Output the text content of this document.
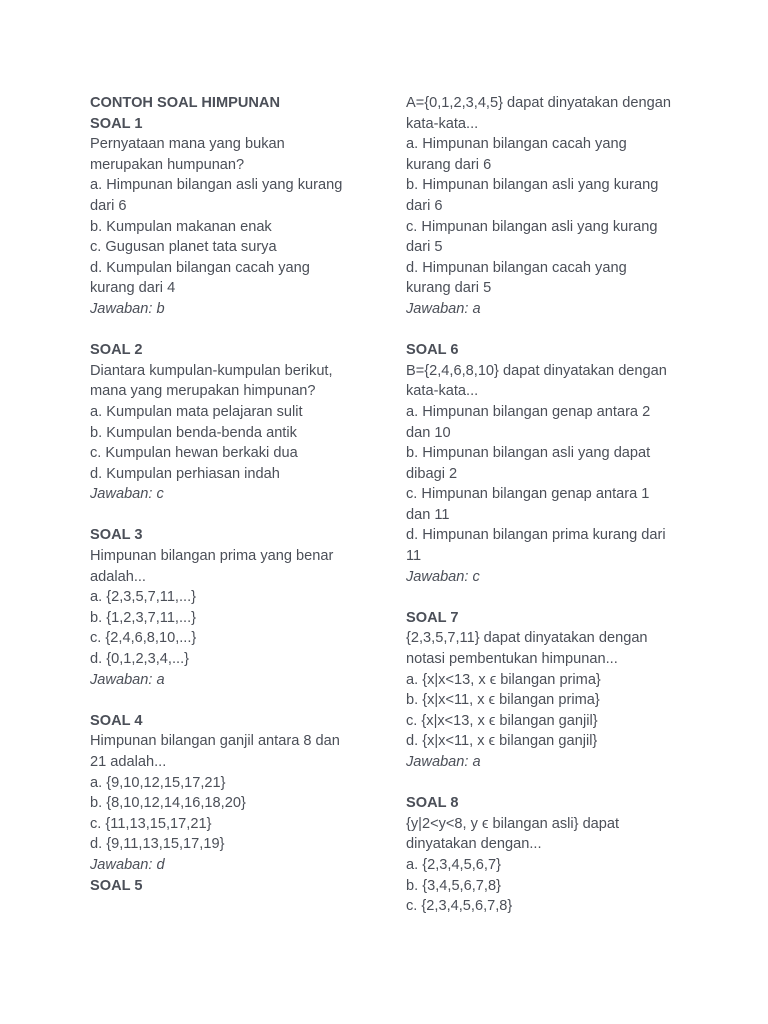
CONTOH SOAL HIMPUNAN
SOAL 1
Pernyataan mana yang bukan
merupakan humpunan?
a. Himpunan bilangan asli yang kurang
dari 6
b. Kumpulan makanan enak
c. Gugusan planet tata surya
d. Kumpulan bilangan cacah yang
kurang dari 4
Jawaban: b
SOAL 2
Diantara kumpulan-kumpulan berikut,
mana yang merupakan himpunan?
a. Kumpulan mata pelajaran sulit
b. Kumpulan benda-benda antik
c. Kumpulan hewan berkaki dua
d. Kumpulan perhiasan indah
Jawaban: c
SOAL 3
Himpunan bilangan prima yang benar
adalah...
a. {2,3,5,7,11,...}
b. {1,2,3,7,11,...}
c. {2,4,6,8,10,...}
d. {0,1,2,3,4,...}
Jawaban: a
SOAL 4
Himpunan bilangan ganjil antara 8 dan
21 adalah...
a. {9,10,12,15,17,21}
b. {8,10,12,14,16,18,20}
c. {11,13,15,17,21}
d. {9,11,13,15,17,19}
Jawaban: d
SOAL 5
A={0,1,2,3,4,5} dapat dinyatakan dengan
kata-kata...
a. Himpunan bilangan cacah yang
kurang dari 6
b. Himpunan bilangan asli yang kurang
dari 6
c. Himpunan bilangan asli yang kurang
dari 5
d. Himpunan bilangan cacah yang
kurang dari 5
Jawaban: a
SOAL 6
B={2,4,6,8,10} dapat dinyatakan dengan
kata-kata...
a. Himpunan bilangan genap antara 2
dan 10
b. Himpunan bilangan asli yang dapat
dibagi 2
c. Himpunan bilangan genap antara 1
dan 11
d. Himpunan bilangan prima kurang dari
11
Jawaban: c
SOAL 7
{2,3,5,7,11} dapat dinyatakan dengan
notasi pembentukan himpunan...
a. {x|x<13, x ϵ bilangan prima}
b. {x|x<11, x ϵ bilangan prima}
c. {x|x<13, x ϵ bilangan ganjil}
d. {x|x<11, x ϵ bilangan ganjil}
Jawaban: a
SOAL 8
{y|2<y<8, y ϵ bilangan asli} dapat
dinyatakan dengan...
a. {2,3,4,5,6,7}
b. {3,4,5,6,7,8}
c. {2,3,4,5,6,7,8}
